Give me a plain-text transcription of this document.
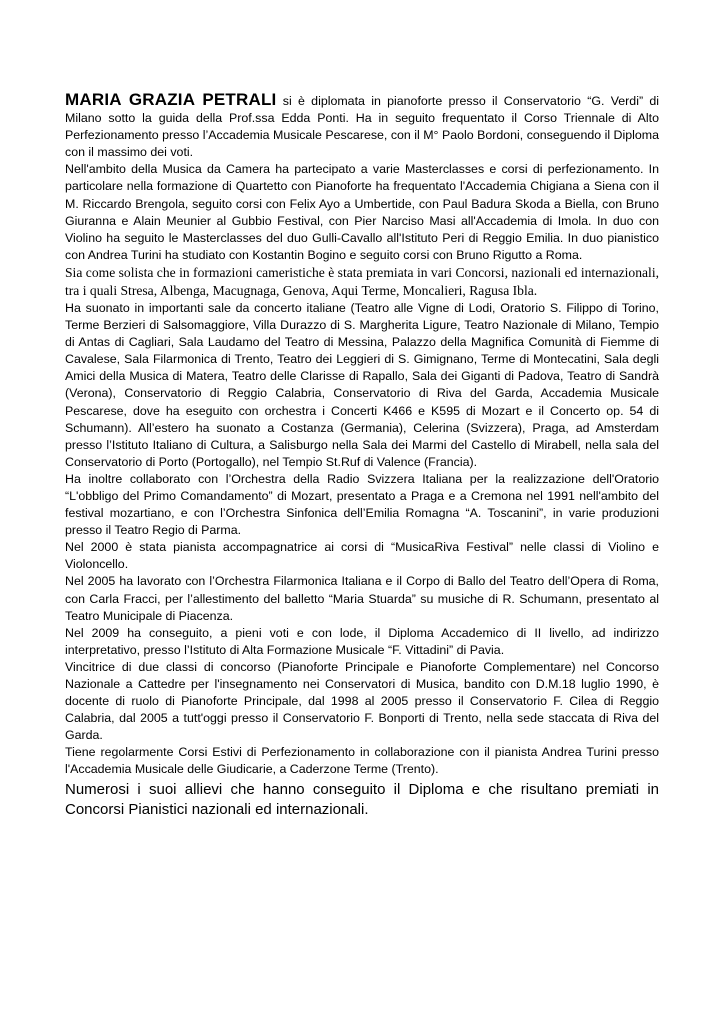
MARIA GRAZIA PETRALI si è diplomata in pianoforte presso il Conservatorio “G. Verdi” di Milano sotto la guida della Prof.ssa Edda Ponti. Ha in seguito frequentato il Corso Triennale di Alto Perfezionamento presso l’Accademia Musicale Pescarese, con il M° Paolo Bordoni, conseguendo il Diploma con il massimo dei voti.

Nell'ambito della Musica da Camera ha partecipato a varie Masterclasses e corsi di perfezionamento. In particolare nella formazione di Quartetto con Pianoforte ha frequentato l'Accademia Chigiana a Siena con il M. Riccardo Brengola, seguito corsi con Felix Ayo a Umbertide, con Paul Badura Skoda a Biella, con Bruno Giuranna e Alain Meunier al Gubbio Festival, con Pier Narciso Masi all'Accademia di Imola. In duo con Violino ha seguito le Masterclasses del duo Gulli-Cavallo all'Istituto Peri di Reggio Emilia. In duo pianistico con Andrea Turini ha studiato con Kostantin Bogino e seguito corsi con Bruno Rigutto a Roma.

Sia come solista che in formazioni cameristiche è stata premiata in vari Concorsi, nazionali ed internazionali, tra i quali Stresa, Albenga, Macugnaga, Genova, Aqui Terme, Moncalieri, Ragusa Ibla.

Ha suonato in importanti sale da concerto italiane (Teatro alle Vigne di Lodi, Oratorio S. Filippo di Torino, Terme Berzieri di Salsomaggiore, Villa Durazzo di S. Margherita Ligure, Teatro Nazionale di Milano, Tempio di Antas di Cagliari, Sala Laudamo del Teatro di Messina, Palazzo della Magnifica Comunità di Fiemme di Cavalese, Sala Filarmonica di Trento, Teatro dei Leggieri di S. Gimignano, Terme di Montecatini, Sala degli Amici della Musica di Matera, Teatro delle Clarisse di Rapallo, Sala dei Giganti di Padova, Teatro di Sandrà (Verona), Conservatorio di Reggio Calabria, Conservatorio di Riva del Garda, Accademia Musicale Pescarese, dove ha eseguito con orchestra i Concerti K466 e K595 di Mozart e il Concerto op. 54 di Schumann). All’estero ha suonato a Costanza (Germania), Celerina (Svizzera), Praga, ad Amsterdam presso l’Istituto Italiano di Cultura, a Salisburgo nella Sala dei Marmi del Castello di Mirabell, nella sala del Conservatorio di Porto (Portogallo), nel Tempio St.Ruf di Valence (Francia).

Ha inoltre collaborato con l’Orchestra della Radio Svizzera Italiana per la realizzazione dell'Oratorio “L'obbligo del Primo Comandamento” di Mozart, presentato a Praga e a Cremona nel 1991 nell'ambito del festival mozartiano, e con l’Orchestra Sinfonica dell’Emilia Romagna “A. Toscanini”, in varie produzioni presso il Teatro Regio di Parma.

Nel 2000 è stata pianista accompagnatrice ai corsi di “MusicaRiva Festival” nelle classi di Violino e Violoncello.

Nel 2005 ha lavorato con l’Orchestra Filarmonica Italiana e il Corpo di Ballo del Teatro dell’Opera di Roma, con Carla Fracci, per l’allestimento del balletto “Maria Stuarda” su musiche di R. Schumann, presentato al Teatro Municipale di Piacenza.

Nel 2009 ha conseguito, a pieni voti e con lode, il Diploma Accademico di II livello, ad indirizzo interpretativo, presso l’Istituto di Alta Formazione Musicale “F. Vittadini” di Pavia.

Vincitrice di due classi di concorso (Pianoforte Principale e Pianoforte Complementare) nel Concorso Nazionale a Cattedre per l'insegnamento nei Conservatori di Musica, bandito con D.M.18 luglio 1990, è docente di ruolo di Pianoforte Principale, dal 1998 al 2005 presso il Conservatorio F. Cilea di Reggio Calabria, dal 2005 a tutt'oggi presso il Conservatorio F. Bonporti di Trento, nella sede staccata di Riva del Garda.

Tiene regolarmente Corsi Estivi di Perfezionamento in collaborazione con il pianista Andrea Turini presso l'Accademia Musicale delle Giudicarie, a Caderzone Terme (Trento).

Numerosi i suoi allievi che hanno conseguito il Diploma e che risultano premiati in Concorsi Pianistici nazionali ed internazionali.
